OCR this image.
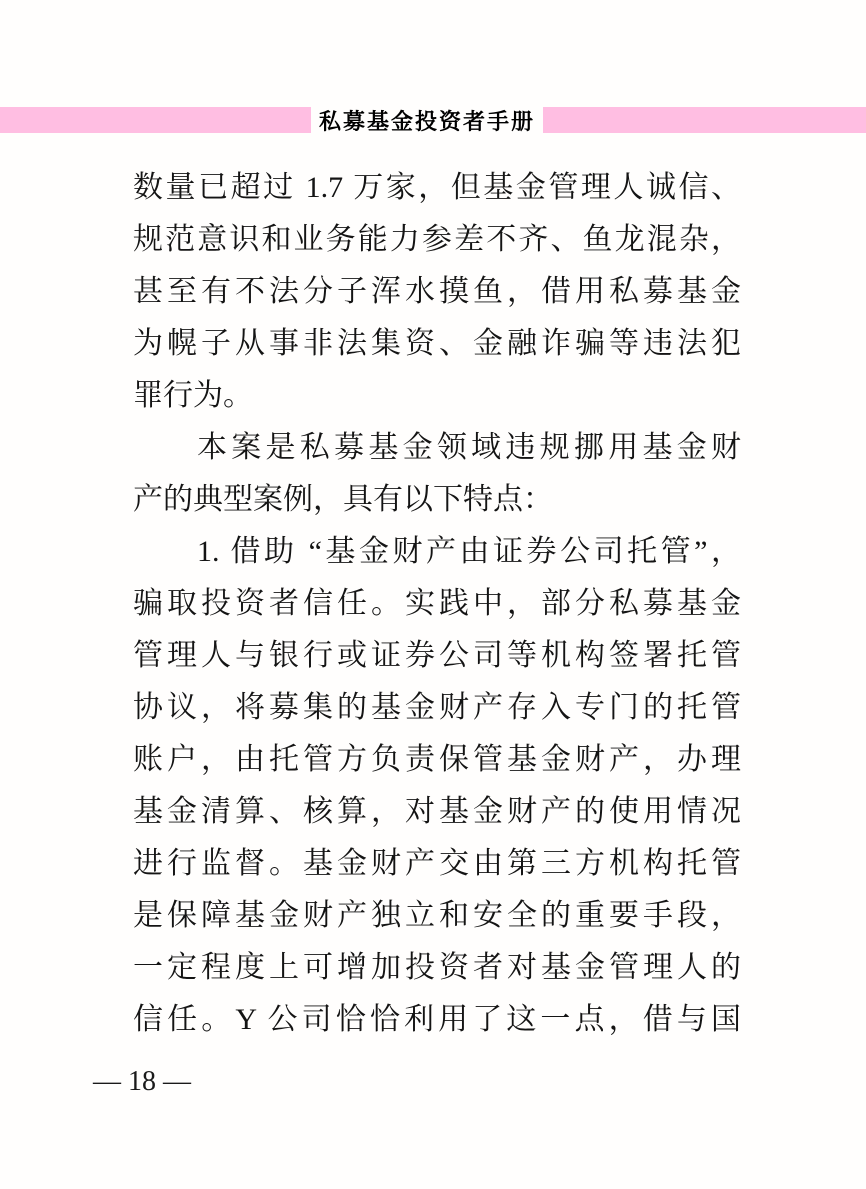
私募基金投资者手册
数量已超过 1.7 万家，但基金管理人诚信、
规范意识和业务能力参差不齐、鱼龙混杂，
甚至有不法分子浑水摸鱼，借用私募基金
为幌子从事非法集资、金融诈骗等违法犯
罪行为。
本案是私募基金领域违规挪用基金财
产的典型案例，具有以下特点：
1. 借助 “基金财产由证券公司托管”，
骗取投资者信任。实践中，部分私募基金
管理人与银行或证券公司等机构签署托管
协议，将募集的基金财产存入专门的托管
账户，由托管方负责保管基金财产，办理
基金清算、核算，对基金财产的使用情况
进行监督。基金财产交由第三方机构托管
是保障基金财产独立和安全的重要手段，
一定程度上可增加投资者对基金管理人的
信任。Y 公司恰恰利用了这一点，借与国
— 18 —
